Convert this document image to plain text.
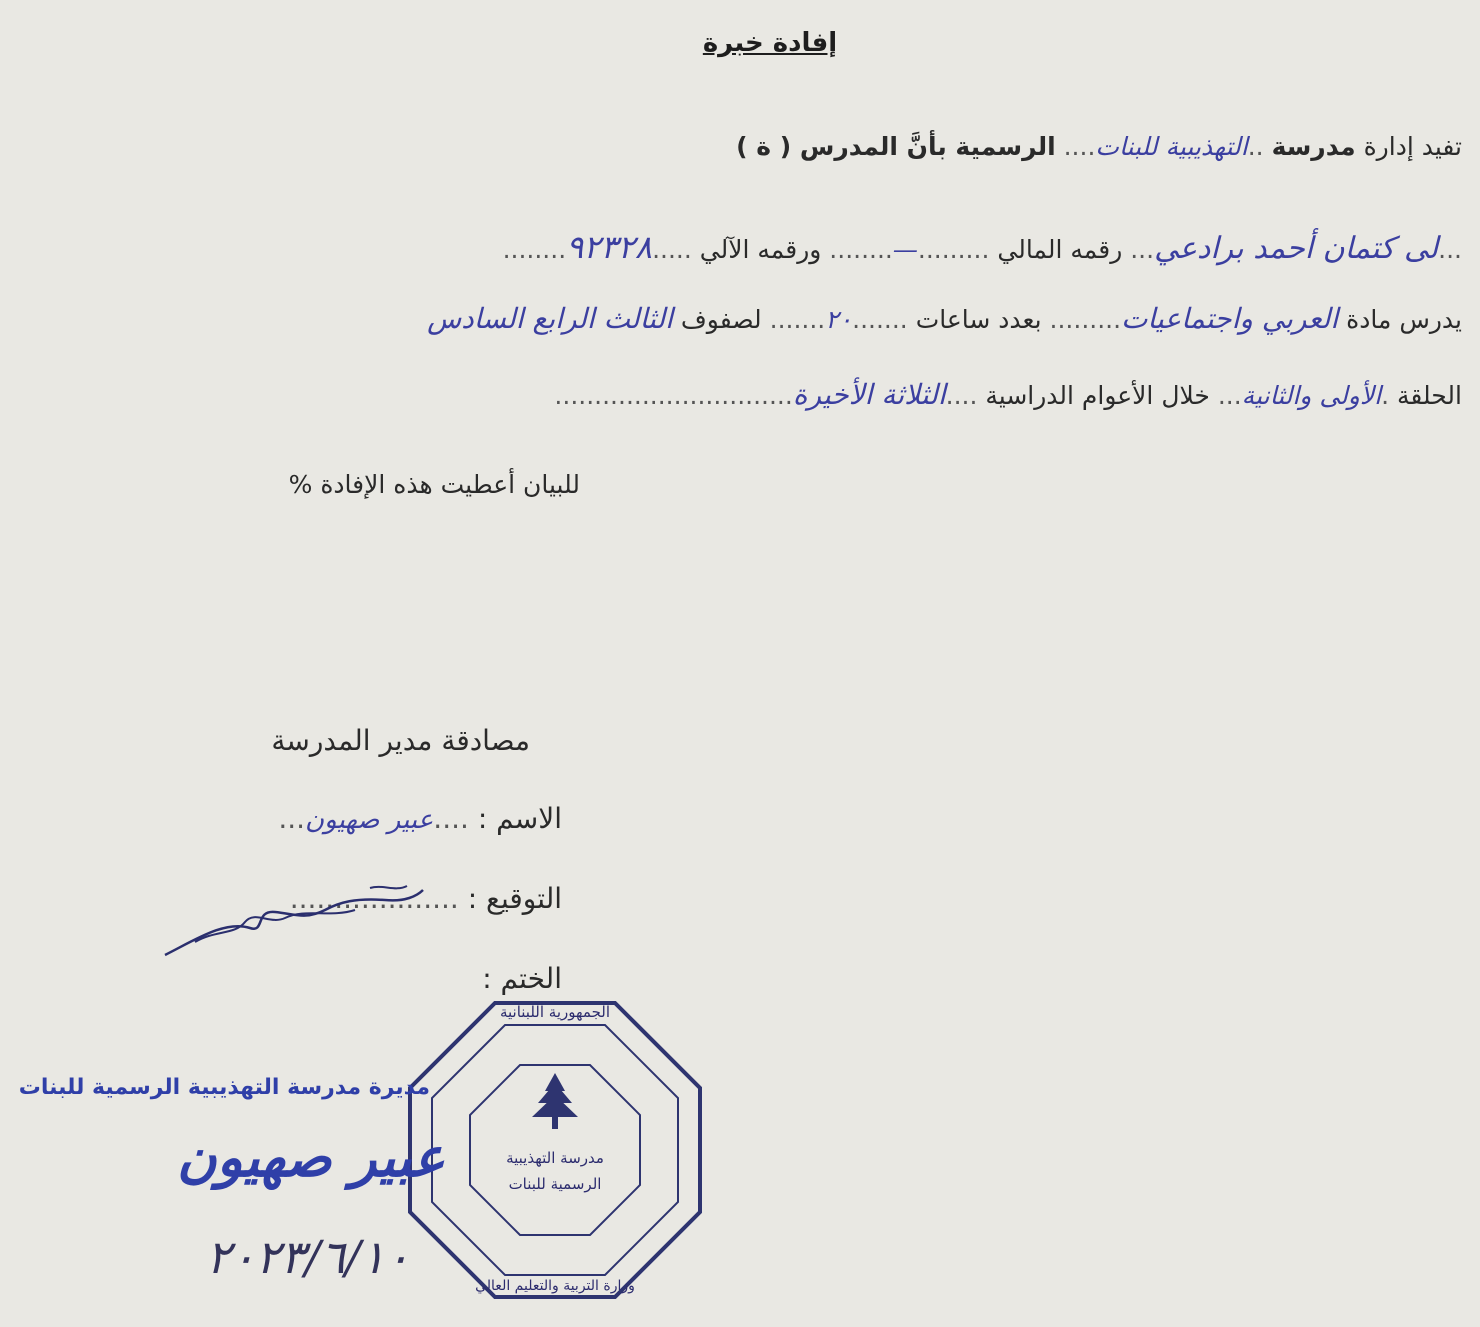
إفادة خبرة
تفيد إدارة مدرسة ..التهذيبية للبنات.... الرسمية بأنَّ المدرس ( ة )
...لى كتمان أحمد برادعي... رقمه المالي .........—........ ورقمه الآلي .....٩٢٣٢٨........
يدرس مادة العربي واجتماعيات......... بعدد ساعات .......٢٠....... لصفوف الثالث الرابع السادس
الحلقة .الأولى والثانية... خلال الأعوام الدراسية ....الثلاثة الأخيرة..............................
للبيان أعطيت هذه الإفادة %
مصادقة مدير المدرسة
الاسم : ....عبير صهيون...
التوقيع : ...................
الختم :
مدرسة التهذيبية
الرسمية للبنات
الجمهورية اللبنانية
وزارة التربية والتعليم العالي
مديرة مدرسة التهذيبية الرسمية للبنات
عبير صهيون
٢٠٢٣/٦/١٠
